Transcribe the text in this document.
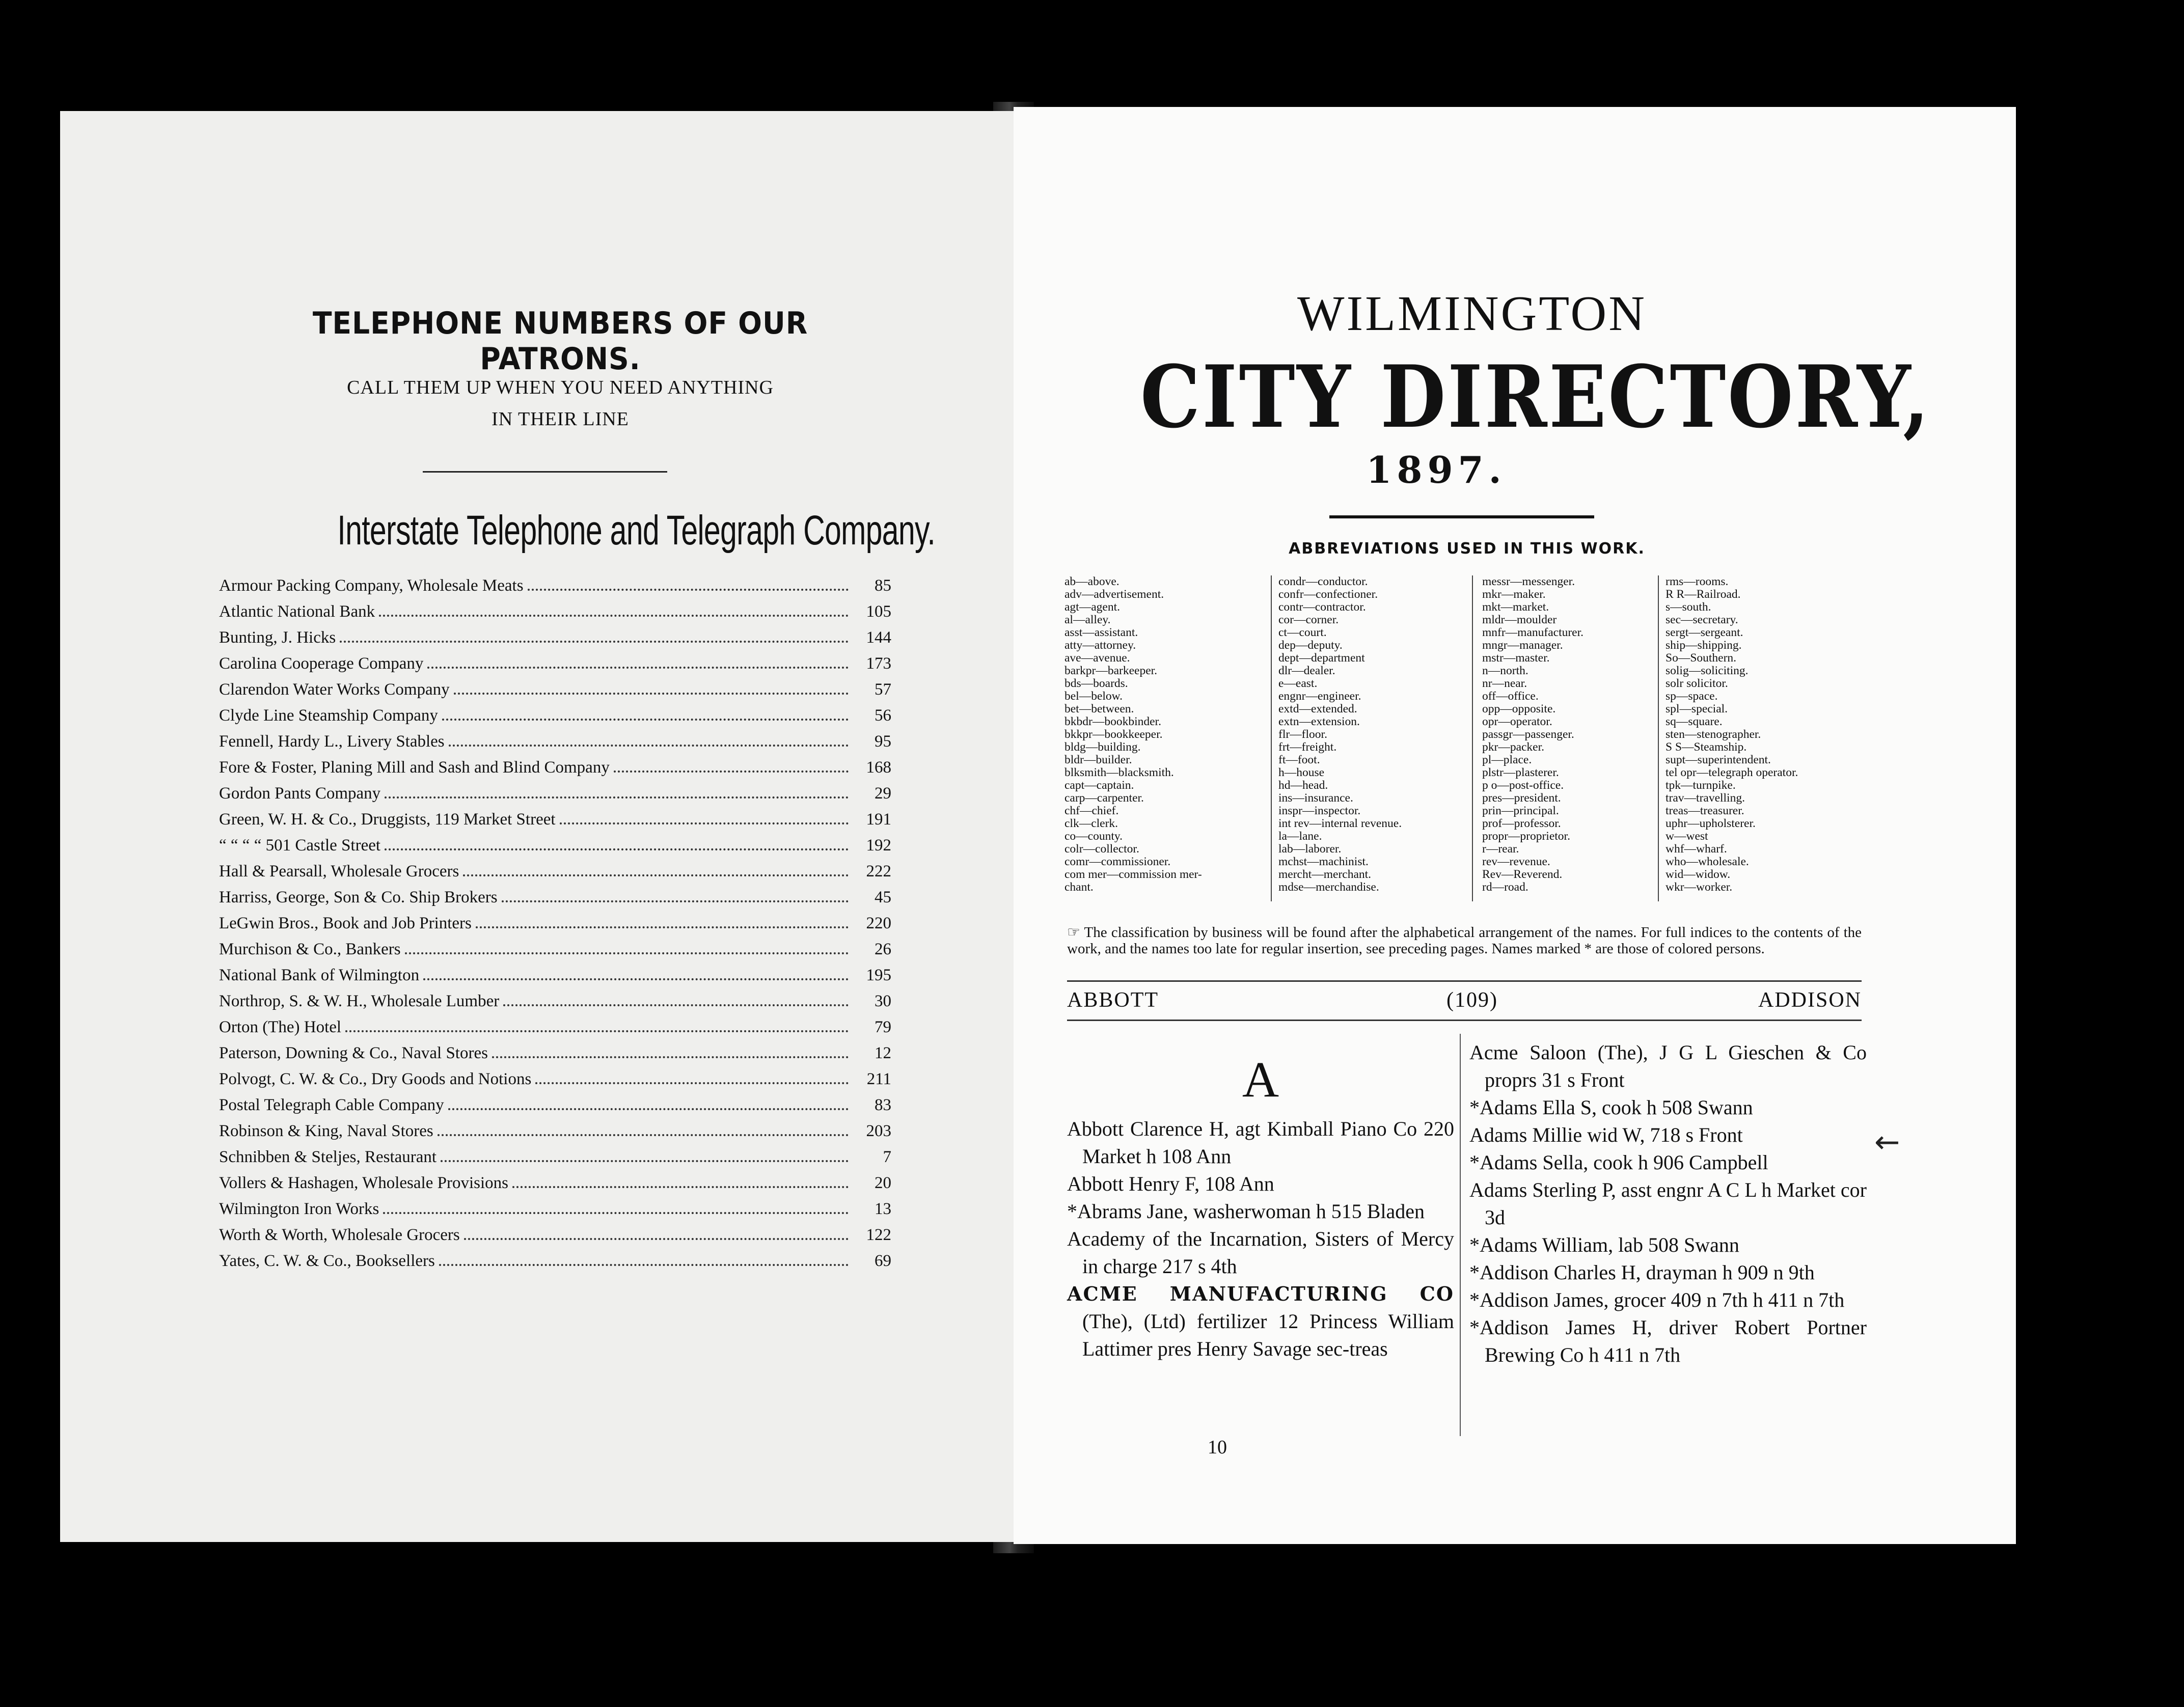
TELEPHONE NUMBERS OF OUR PATRONS.
CALL THEM UP WHEN YOU NEED ANYTHING
IN THEIR LINE
Interstate Telephone and Telegraph Company.
Armour Packing Company, Wholesale Meats	85
Atlantic National Bank	105
Bunting, J. Hicks	144
Carolina Cooperage Company	173
Clarendon Water Works Company	57
Clyde Line Steamship Company	56
Fennell, Hardy L., Livery Stables	95
Fore & Foster, Planing Mill and Sash and Blind Company	168
Gordon Pants Company	29
Green, W. H. & Co., Druggists, 119 Market Street	191
“ “ “ “ 501 Castle Street	192
Hall & Pearsall, Wholesale Grocers	222
Harriss, George, Son & Co. Ship Brokers	45
LeGwin Bros., Book and Job Printers	220
Murchison & Co., Bankers	26
National Bank of Wilmington	195
Northrop, S. & W. H., Wholesale Lumber	30
Orton (The) Hotel	79
Paterson, Downing & Co., Naval Stores	12
Polvogt, C. W. & Co., Dry Goods and Notions	211
Postal Telegraph Cable Company	83
Robinson & King, Naval Stores	203
Schnibben & Steljes, Restaurant	7
Vollers & Hashagen, Wholesale Provisions	20
Wilmington Iron Works	13
Worth & Worth, Wholesale Grocers	122
Yates, C. W. & Co., Booksellers	69
WILMINGTON
CITY DIRECTORY,
1897.
ABBREVIATIONS USED IN THIS WORK.
ab—above.
adv—advertisement.
agt—agent.
al—alley.
asst—assistant.
atty—attorney.
ave—avenue.
barkpr—barkeeper.
bds—boards.
bel—below.
bet—between.
bkbdr—bookbinder.
bkkpr—bookkeeper.
bldg—building.
bldr—builder.
blksmith—blacksmith.
capt—captain.
carp—carpenter.
chf—chief.
clk—clerk.
co—county.
colr—collector.
comr—commissioner.
com mer—commission mer-
chant.
condr—conductor.
confr—confectioner.
contr—contractor.
cor—corner.
ct—court.
dep—deputy.
dept—department
dlr—dealer.
e—east.
engnr—engineer.
extd—extended.
extn—extension.
flr—floor.
frt—freight.
ft—foot.
h—house
hd—head.
ins—insurance.
inspr—inspector.
int rev—internal revenue.
la—lane.
lab—laborer.
mchst—machinist.
mercht—merchant.
mdse—merchandise.
messr—messenger.
mkr—maker.
mkt—market.
mldr—moulder
mnfr—manufacturer.
mngr—manager.
mstr—master.
n—north.
nr—near.
off—office.
opp—opposite.
opr—operator.
passgr—passenger.
pkr—packer.
pl—place.
plstr—plasterer.
p o—post-office.
pres—president.
prin—principal.
prof—professor.
propr—proprietor.
r—rear.
rev—revenue.
Rev—Reverend.
rd—road.
rms—rooms.
R R—Railroad.
s—south.
sec—secretary.
sergt—sergeant.
ship—shipping.
So—Southern.
solig—soliciting.
solr solicitor.
sp—space.
spl—special.
sq—square.
sten—stenographer.
S S—Steamship.
supt—superintendent.
tel opr—telegraph operator.
tpk—turnpike.
trav—travelling.
treas—treasurer.
uphr—upholsterer.
w—west
whf—wharf.
who—wholesale.
wid—widow.
wkr—worker.
☞ The classification by business will be found after the alphabetical arrangement of the names. For full indices to the contents of the work, and the names too late for regular insertion, see preceding pages. Names marked * are those of colored persons.
ABBOTT	(109)	ADDISON
A
Abbott Clarence H, agt Kimball Piano Co 220 Market h 108 Ann
Abbott Henry F, 108 Ann
*Abrams Jane, washerwoman h 515 Bladen
Academy of the Incarnation, Sisters of Mercy in charge 217 s 4th
ACME MANUFACTURING CO (The), (Ltd) fertilizer 12 Princess William Lattimer pres Henry Savage sec-treas
Acme Saloon (The), J G L Gieschen & Co proprs 31 s Front
*Adams Ella S, cook h 508 Swann
Adams Millie wid W, 718 s Front
*Adams Sella, cook h 906 Campbell
Adams Sterling P, asst engnr A C L h Market cor 3d
*Adams William, lab 508 Swann
*Addison Charles H, drayman h 909 n 9th
*Addison James, grocer 409 n 7th h 411 n 7th
*Addison James H, driver Robert Portner Brewing Co h 411 n 7th
10
←
